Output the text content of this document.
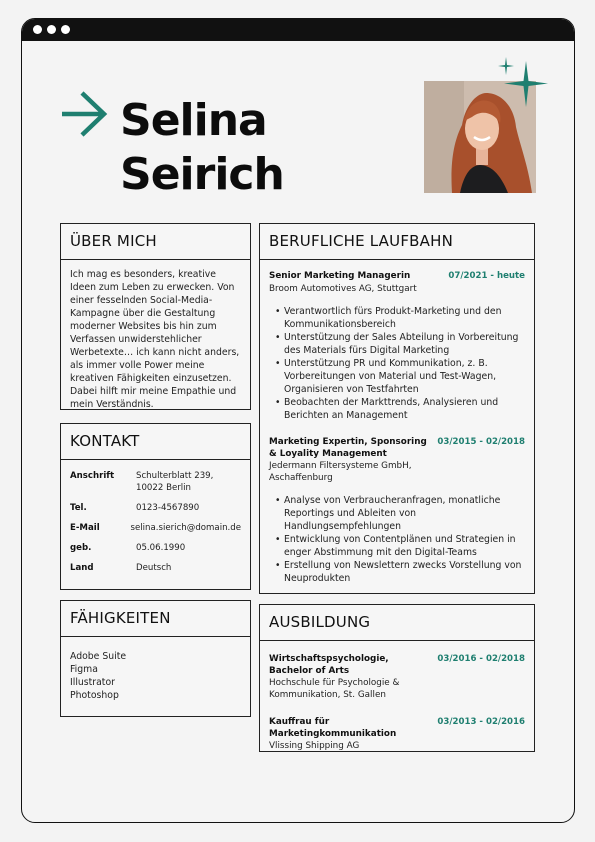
Selina
Seirich
ÜBER MICH
Ich mag es besonders, kreative Ideen zum Leben zu erwecken. Von einer fesselnden Social-Media-Kampagne über die Gestaltung moderner Websites bis hin zum Verfassen unwiderstehlicher Werbetexte… ich kann nicht anders, als immer volle Power meine kreativen Fähigkeiten einzusetzen. Dabei hilft mir meine Empathie und mein Verständnis.
KONTAKT
Anschrift	Schulterblatt 239,
10022 Berlin
Tel.	0123-4567890
E-Mail	selina.sierich@domain.de
geb.	05.06.1990
Land	Deutsch
FÄHIGKEITEN
Adobe Suite
Figma
Illustrator
Photoshop
BERUFLICHE LAUFBAHN
Senior Marketing Managerin	07/2021 - heute
Broom Automotives AG, Stuttgart
• Verantwortlich fürs Produkt-Marketing und den Kommunikationsbereich
• Unterstützung der Sales Abteilung in Vorbereitung des Materials fürs Digital Marketing
• Unterstützung PR und Kommunikation, z. B. Vorbereitungen von Material und Test-Wagen, Organisieren von Testfahrten
• Beobachten der Markttrends, Analysieren und Berichten an Management
Marketing Expertin, Sponsoring & Loyality Management
03/2015 - 02/2018
Jedermann Filtersysteme GmbH, Aschaffenburg
• Analyse von Verbraucheranfragen, monatliche Reportings und Ableiten von Handlungsempfehlungen
• Entwicklung von Contentplänen und Strategien in enger Abstimmung mit den Digital-Teams
• Erstellung von Newslettern zwecks Vorstellung von Neuprodukten
AUSBILDUNG
Wirtschaftspsychologie, Bachelor of Arts
03/2016 - 02/2018
Hochschule für Psychologie & Kommunikation, St. Gallen
Kauffrau für Marketingkommunikation
03/2013 - 02/2016
Vlissing Shipping AG
